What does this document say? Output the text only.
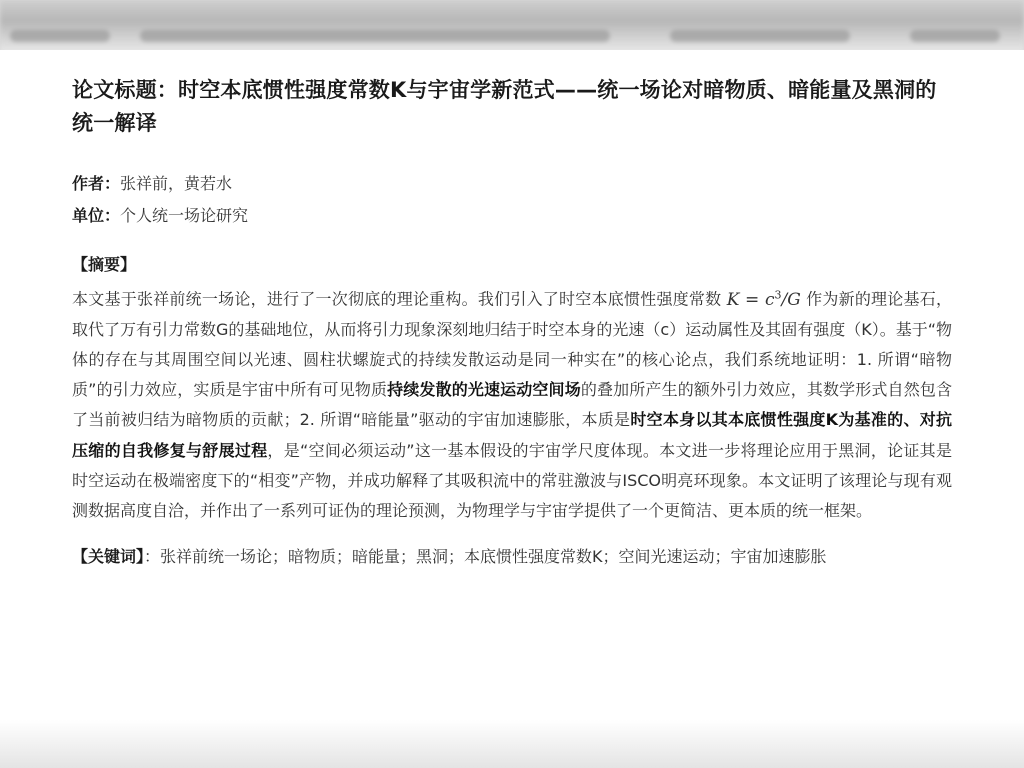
论文标题：时空本底惯性强度常数K与宇宙学新范式——统一场论对暗物质、暗能量及黑洞的统一解译
作者：张祥前，黄若水
单位：个人统一场论研究
【摘要】
本文基于张祥前统一场论，进行了一次彻底的理论重构。我们引入了时空本底惯性强度常数 $K = c^3/G$ 作为新的理论基石，取代了万有引力常数G的基础地位，从而将引力现象深刻地归结于时空本身的光速（c）运动属性及其固有强度（K）。基于“物体的存在与其周围空间以光速、圆柱状螺旋式的持续发散运动是同一种实在”的核心论点，我们系统地证明：1. 所谓“暗物质”的引力效应，实质是宇宙中所有可见物质持续发散的光速运动空间场的叠加所产生的额外引力效应，其数学形式自然包含了当前被归结为暗物质的贡献；2. 所谓“暗能量”驱动的宇宙加速膨胀，本质是时空本身以其本底惯性强度K为基准的、对抗压缩的自我修复与舒展过程，是“空间必须运动”这一基本假设的宇宙学尺度体现。本文进一步将理论应用于黑洞，论证其是时空运动在极端密度下的“相变”产物，并成功解释了其吸积流中的常驻激波与ISCO明亮环现象。本文证明了该理论与现有观测数据高度自洽，并作出了一系列可证伪的理论预测，为物理学与宇宙学提供了一个更简洁、更本质的统一框架。
【关键词】：张祥前统一场论；暗物质；暗能量；黑洞；本底惯性强度常数K；空间光速运动；宇宙加速膨胀
